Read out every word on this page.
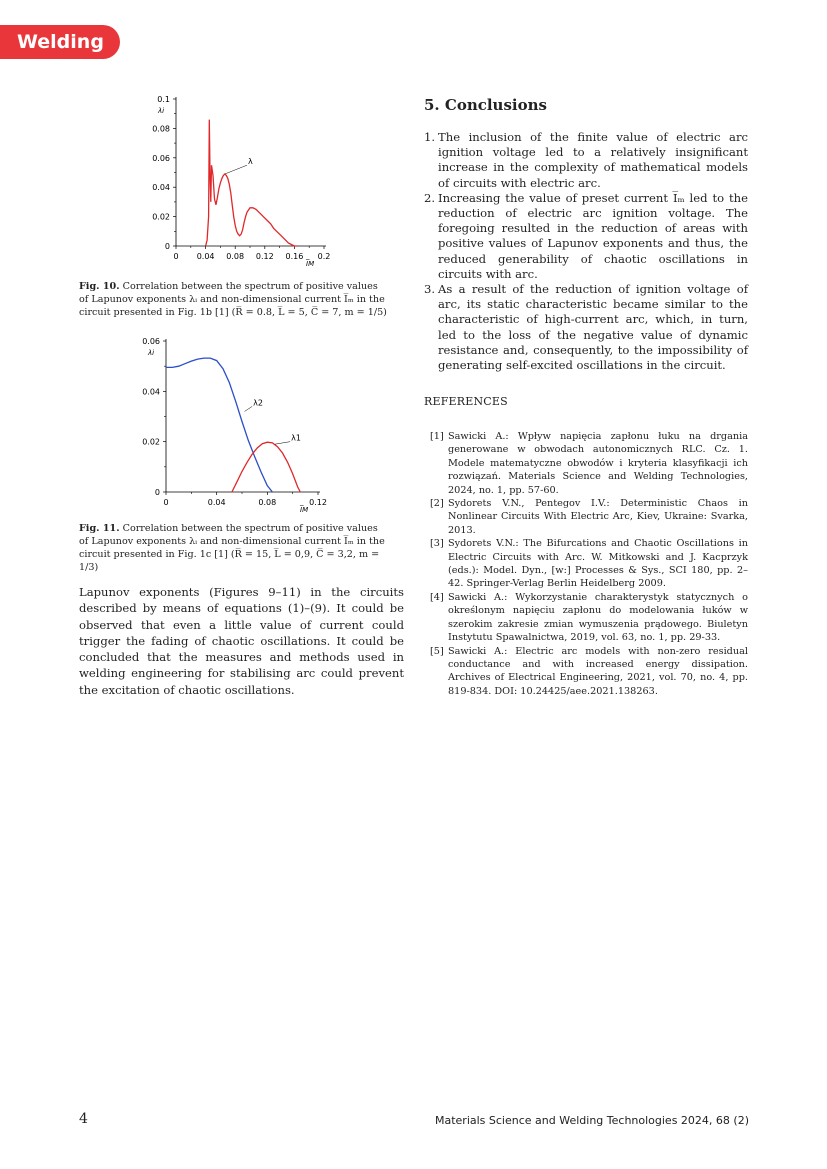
Welding
0 0.04 0.08 0.12 0.16 0.2
0
0.02
0.04
0.06
0.08
0.1
λi
I̅M
λ
Fig. 10. Correlation between the spectrum of positive values of Lapunov exponents λᵢ and non-dimensional current I̅ₘ in the circuit presented in Fig. 1b [1] (R̅ = 0.8, L̅ = 5, C̅ = 7, m = 1/5)
0	0.04	0.08	0.12
0
0.02
0.04
0.06
λi
I̅M
λ2
λ1
Fig. 11. Correlation between the spectrum of positive values of Lapunov exponents λᵢ and non-dimensional current I̅ₘ in the circuit presented in Fig. 1c [1] (R̅ = 15, L̅ = 0,9, C̅ = 3,2, m = 1/3)
Lapunov exponents (Figures 9–11) in the circuits described by means of equations (1)–(9). It could be observed that even a little value of current could trigger the fading of chaotic oscillations. It could be concluded that the measures and methods used in welding engineering for stabilising arc could prevent the excitation of chaotic oscillations.
5. Conclusions
1. The inclusion of the finite value of electric arc ignition voltage led to a relatively insignificant increase in the complexity of mathematical models of circuits with electric arc.
2. Increasing the value of preset current I̅ₘ led to the reduction of electric arc ignition voltage. The foregoing resulted in the reduction of areas with positive values of Lapunov exponents and thus, the reduced generability of chaotic oscillations in circuits with arc.
3. As a result of the reduction of ignition voltage of arc, its static characteristic became similar to the characteristic of high-current arc, which, in turn, led to the loss of the negative value of dynamic resistance and, consequently, to the impossibility of generating self-excited oscillations in the circuit.
REFERENCES
[1] Sawicki A.: Wpływ napięcia zapłonu łuku na drgania generowane w obwodach autonomicznych RLC. Cz. 1. Modele matematyczne obwodów i kryteria klasyfikacji ich rozwiązań. Materials Science and Welding Technologies, 2024, no. 1, pp. 57-60.
[2] Sydorets V.N., Pentegov I.V.: Deterministic Chaos in Nonlinear Circuits With Electric Arc, Kiev, Ukraine: Svarka, 2013.
[3] Sydorets V.N.: The Bifurcations and Chaotic Oscillations in Electric Circuits with Arc. W. Mitkowski and J. Kacprzyk (eds.): Model. Dyn., [w:] Processes & Sys., SCI 180, pp. 2–42. Springer-Verlag Berlin Heidelberg 2009.
[4] Sawicki A.: Wykorzystanie charakterystyk statycznych o określonym napięciu zapłonu do modelowania łuków w szerokim zakresie zmian wymuszenia prądowego. Biuletyn Instytutu Spawalnictwa, 2019, vol. 63, no. 1, pp. 29-33.
[5] Sawicki A.: Electric arc models with non-zero residual conductance and with increased energy dissipation. Archives of Electrical Engineering, 2021, vol. 70, no. 4, pp. 819-834. DOI: 10.24425/aee.2021.138263.
4	Materials Science and Welding Technologies 2024, 68 (2)
